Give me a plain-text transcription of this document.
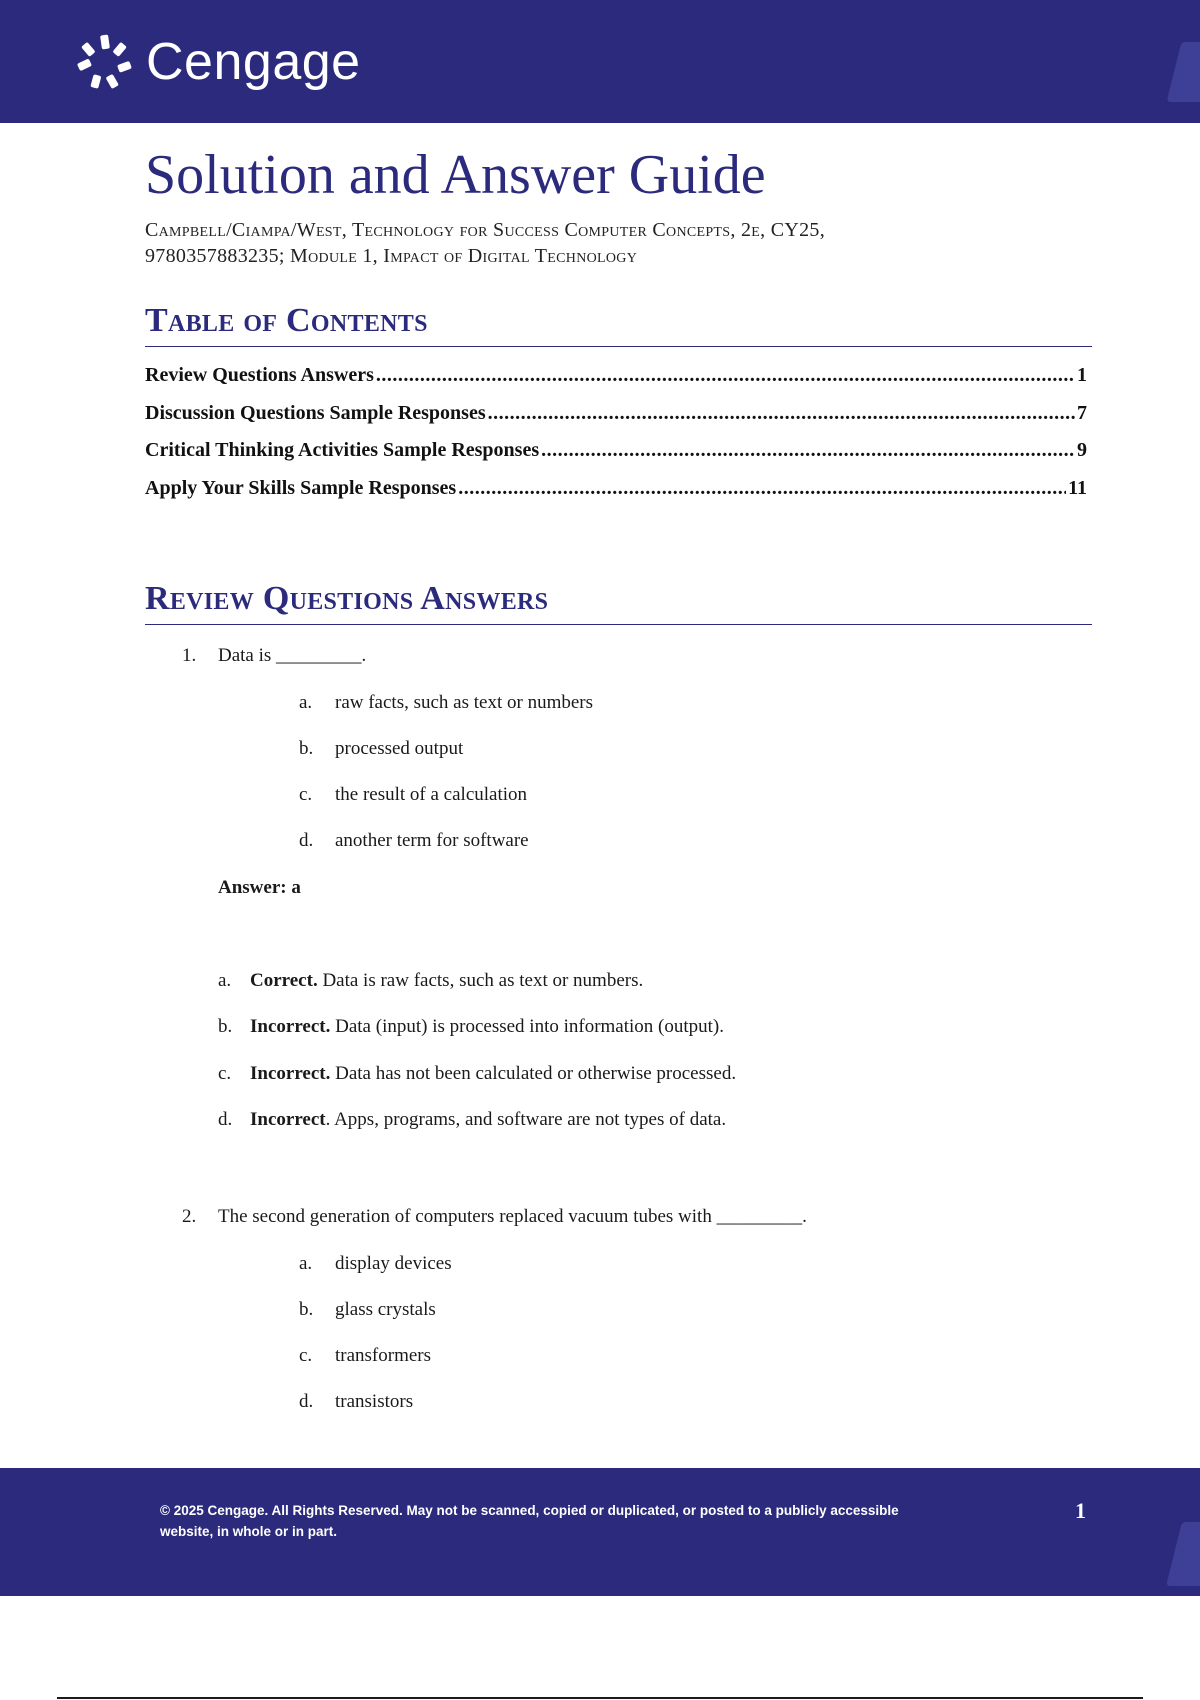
Cengage
Solution and Answer Guide
Campbell/Ciampa/West, Technology for Success Computer Concepts, 2e, CY25,
9780357883235; Module 1, Impact of Digital Technology
Table of Contents
Review Questions Answers .....	1
Discussion Questions Sample Responses .....	7
Critical Thinking Activities Sample Responses .....	9
Apply Your Skills Sample Responses .....	11
Review Questions Answers
1. Data is _________.
a. raw facts, such as text or numbers
b. processed output
c. the result of a calculation
d. another term for software
Answer: a
a. Correct. Data is raw facts, such as text or numbers.
b. Incorrect. Data (input) is processed into information (output).
c. Incorrect. Data has not been calculated or otherwise processed.
d. Incorrect. Apps, programs, and software are not types of data.
2. The second generation of computers replaced vacuum tubes with _________.
a. display devices
b. glass crystals
c. transformers
d. transistors
© 2025 Cengage. All Rights Reserved. May not be scanned, copied or duplicated, or posted to a publicly accessible
website, in whole or in part.
1
